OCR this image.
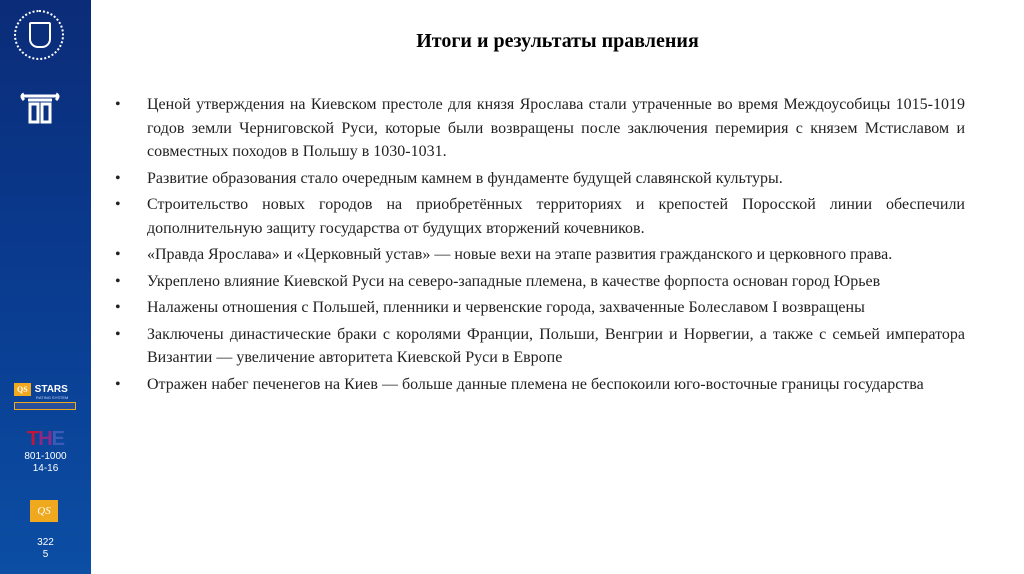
QS STARS
RATING SYSTEM
THE
801-1000
14-16
QS
322
5
Итоги и результаты правления
• Ценой утверждения на Киевском престоле для князя Ярослава стали утраченные во время Междоусобицы 1015-1019 годов земли Черниговской Руси, которые были возвращены после заключения перемирия с князем Мстиславом и совместных походов в Польшу в 1030-1031.
• Развитие образования стало очередным камнем в фундаменте будущей славянской культуры.
• Строительство новых городов на приобретённых территориях и крепостей Поросской линии обеспечили дополнительную защиту государства от будущих вторжений кочевников.
• «Правда Ярослава» и «Церковный устав» — новые вехи на этапе развития гражданского и церковного права.
• Укреплено влияние Киевской Руси на северо-западные племена, в качестве форпоста основан город Юрьев
• Налажены отношения с Польшей, пленники и червенские города, захваченные Болеславом I возвращены
• Заключены династические браки с королями Франции, Польши, Венгрии и Норвегии, а также с семьей императора Византии — увеличение авторитета Киевской Руси в Европе
• Отражен набег печенегов на Киев — больше данные племена не беспокоили юго-восточные границы государства
